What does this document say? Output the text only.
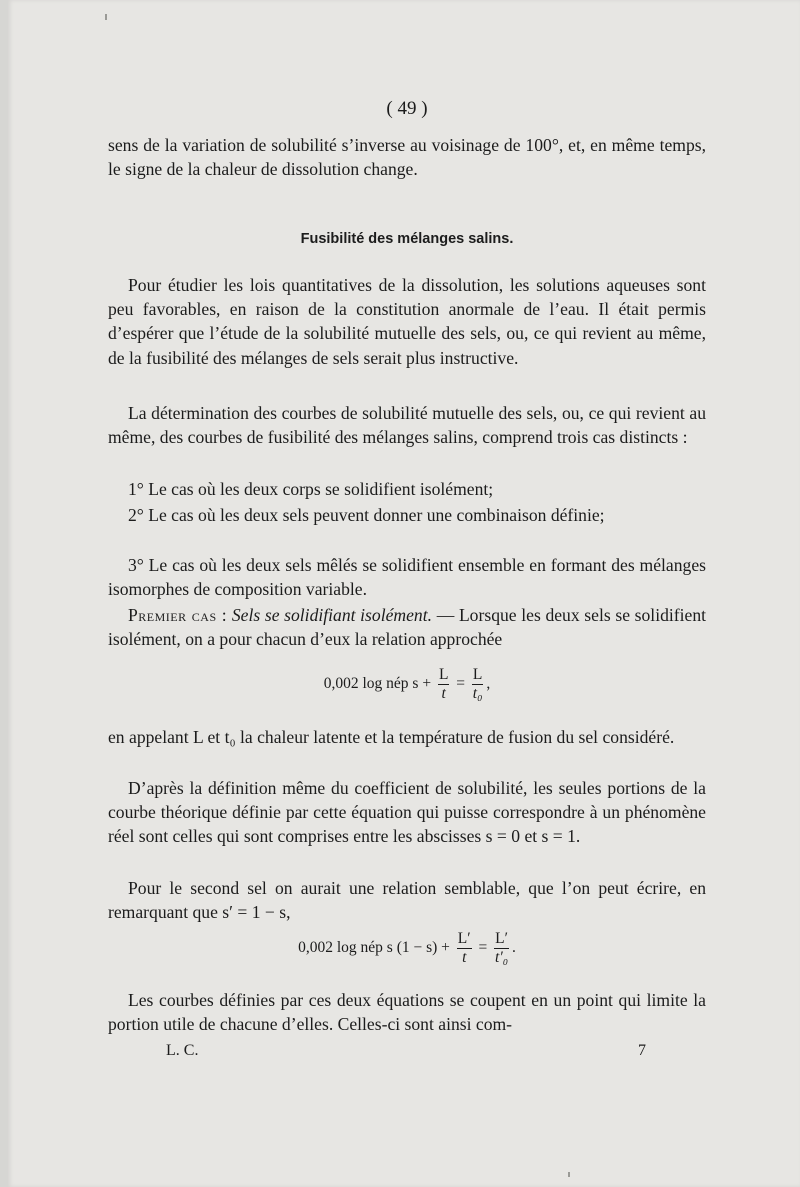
( 49 )

sens de la variation de solubilité s’inverse au voisinage de 100°, et, en même temps, le signe de la chaleur de dissolution change.

Fusibilité des mélanges salins.

Pour étudier les lois quantitatives de la dissolution, les solutions aqueuses sont peu favorables, en raison de la constitution anormale de l’eau. Il était permis d’espérer que l’étude de la solubilité mutuelle des sels, ou, ce qui revient au même, de la fusibilité des mélanges de sels serait plus instructive.

La détermination des courbes de solubilité mutuelle des sels, ou, ce qui revient au même, des courbes de fusibilité des mélanges salins, comprend trois cas distincts :

1° Le cas où les deux corps se solidifient isolément;

2° Le cas où les deux sels peuvent donner une combinaison définie;

3° Le cas où les deux sels mêlés se solidifient ensemble en formant des mélanges isomorphes de composition variable.

Premier cas : Sels se solidifiant isolément. — Lorsque les deux sels se solidifient isolément, on a pour chacun d’eux la relation approchée

0,002 log nép $s + \frac{L}{t} = \frac{L}{\text{t₀}}$ ,

en appelant L et t₀ la chaleur latente et la température de fusion du sel considéré.

D’après la définition même du coefficient de solubilité, les seules portions de la courbe théorique définie par cette équation qui puisse correspondre à un phénomène réel sont celles qui sont comprises entre les abscisses s = 0 et s = 1.

Pour le second sel on aurait une relation semblable, que l’on peut écrire, en remarquant que s′ = 1 − s,

0,002 log nép s $(1 - s) + \frac{L'}{t} = \frac{L'}{\text{t′₀}}$ .

Les courbes définies par ces deux équations se coupent en un point qui limite la portion utile de chacune d’elles. Celles-ci sont ainsi com-

L. C.	7
